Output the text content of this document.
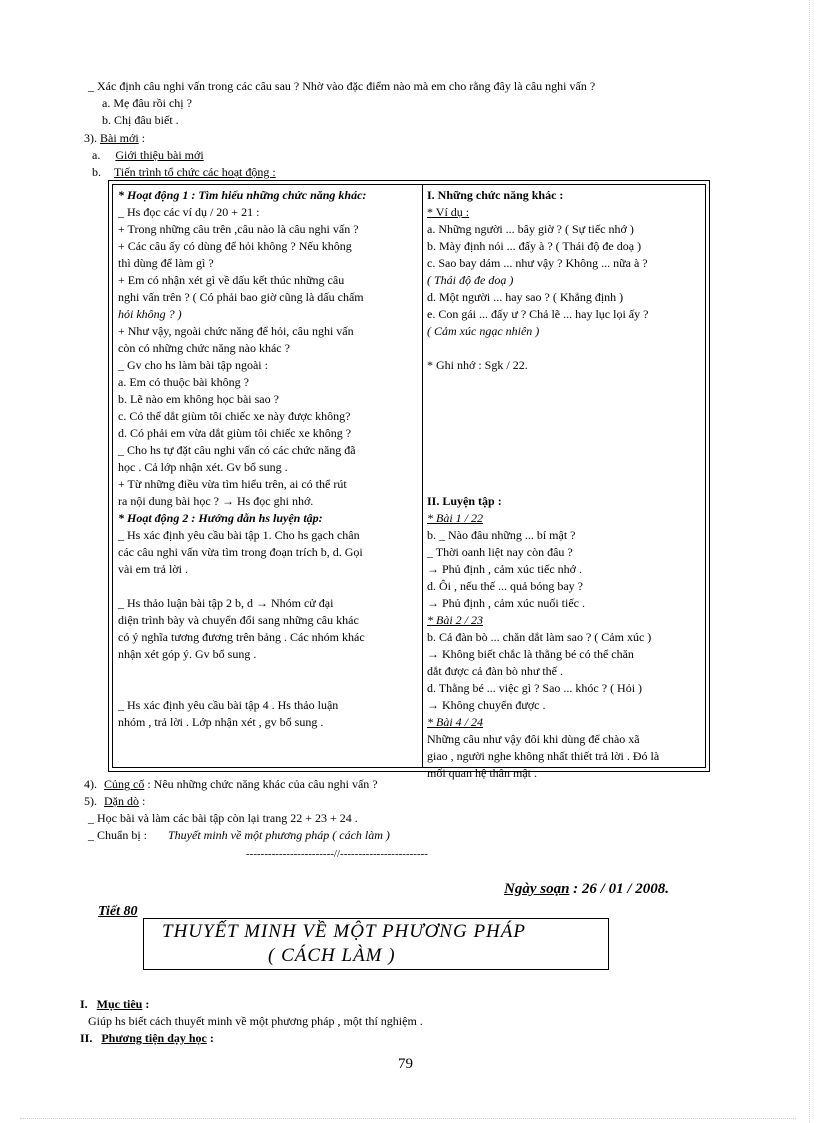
_ Xác định câu nghi vấn trong các câu sau ? Nhờ vào đặc điểm nào mà em cho rằng đây là câu nghi vấn ?
a. Mẹ đâu rồi chị ?
b. Chị đâu biết .
3). Bài mới :
a. Giới thiệu bài mới
b. Tiến trình tổ chức các hoạt động :
* Hoạt động 1 : Tìm hiểu những chức năng khác:
_ Hs đọc các ví dụ / 20 + 21 :
+ Trong những câu trên ,câu nào là câu nghi vấn ?
+ Các câu ấy có dùng để hỏi không ? Nếu không
thì dùng để làm gì ?
+ Em có nhận xét gì về dấu kết thúc những câu
nghi vấn trên ? ( Có phải bao giờ cũng là dấu chấm
hỏi không ? )
+ Như vậy, ngoài chức năng để hỏi, câu nghi vấn
còn có những chức năng nào khác ?
_ Gv cho hs làm bài tập ngoài :
a. Em có thuộc bài không ?
b. Lẽ nào em không học bài sao ?
c. Có thể dắt giùm tôi chiếc xe này được không?
d. Có phải em vừa dắt giùm tôi chiếc xe không ?
_ Cho hs tự đặt câu nghi vấn có các chức năng đã
học . Cả lớp nhận xét. Gv bổ sung .
+ Từ những điều vừa tìm hiểu trên, ai có thể rút
ra nội dung bài học ? → Hs đọc ghi nhớ.
* Hoạt động 2 : Hướng dẫn hs luyện tập:
_ Hs xác định yêu cầu bài tập 1. Cho hs gạch chân
các câu nghi vấn vừa tìm trong đoạn trích b, d. Gọi
vài em trả lời .
_ Hs thảo luận bài tập 2 b, d → Nhóm cử đại
diện trình bày và chuyển đổi sang những câu khác
có ý nghĩa tương đương trên bảng . Các nhóm khác
nhận xét góp ý. Gv bổ sung .
_ Hs xác định yêu cầu bài tập 4 . Hs thảo luận
nhóm , trả lời . Lớp nhận xét , gv bổ sung .
I. Những chức năng khác :
* Ví dụ :
a. Những người ... bây giờ ? ( Sự tiếc nhớ )
b. Mày định nói ... đấy à ? ( Thái độ đe doạ )
c. Sao bay dám ... như vậy ? Không ... nữa à ?
( Thái độ đe doạ )
d. Một người ... hay sao ? ( Khẳng định )
e. Con gái ... đấy ư ? Chả lẽ ... hay lục lọi ấy ?
( Cảm xúc ngạc nhiên )
* Ghi nhớ : Sgk / 22.
II. Luyện tập :
* Bài 1 / 22
b. _ Nào đâu những ... bí mật ?
_ Thời oanh liệt nay còn đâu ?
→ Phủ định , cảm xúc tiếc nhớ .
d. Ôi , nếu thế ... quả bóng bay ?
→ Phủ định , cảm xúc nuối tiếc .
* Bài 2 / 23
b. Cả đàn bò ... chăn dắt làm sao ? ( Cảm xúc )
→ Không biết chắc là thằng bé có thể chăn
dắt được cả đàn bò như thế .
d. Thằng bé ... việc gì ? Sao ... khóc ? ( Hỏi )
→ Không chuyển được .
* Bài 4 / 24
Những câu như vậy đôi khi dùng để chào xã
giao , người nghe không nhất thiết trả lời . Đó là
mối quan hệ thân mật .
4). Củng cố : Nêu những chức năng khác của câu nghi vấn ?
5). Dặn dò :
_ Học bài và làm các bài tập còn lại trang 22 + 23 + 24 .
_ Chuẩn bị : Thuyết minh về một phương pháp ( cách làm )
------------------------//------------------------
Ngày soạn : 26 / 01 / 2008.
Tiết 80
THUYẾT MINH VỀ MỘT PHƯƠNG PHÁP
( CÁCH LÀM )
I. Mục tiêu :
Giúp hs biết cách thuyết minh về một phương pháp , một thí nghiệm .
II. Phương tiện dạy học :
79
